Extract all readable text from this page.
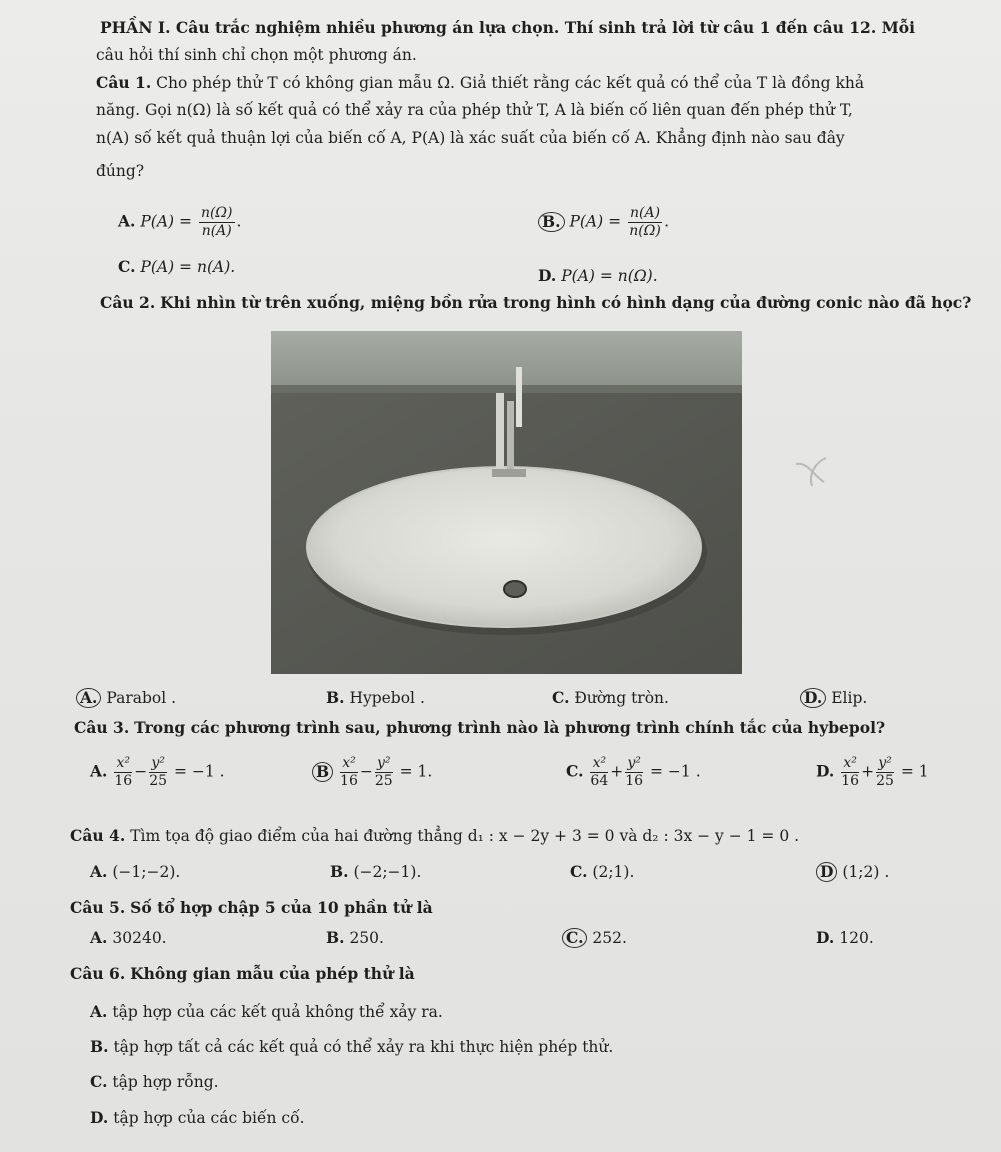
PHẦN I. Câu trắc nghiệm nhiều phương án lựa chọn. Thí sinh trả lời từ câu 1 đến câu 12. Mỗi
câu hỏi thí sinh chỉ chọn một phương án.
Câu 1. Cho phép thử T có không gian mẫu Ω. Giả thiết rằng các kết quả có thể của T là đồng khả
năng. Gọi n(Ω) là số kết quả có thể xảy ra của phép thử T, A là biến cố liên quan đến phép thử T,
n(A) số kết quả thuận lợi của biến cố A, P(A) là xác suất của biến cố A. Khẳng định nào sau đây
đúng?
A. $P(A) = \frac{n(\Omega)}{n(A)}$ .	B. $P(A) = \frac{n(A)}{n(\Omega)}$ .
C. P(A) = n(A).	D. P(A) = n(Ω).
Câu 2. Khi nhìn từ trên xuống, miệng bồn rửa trong hình có hình dạng của đường conic nào đã học?
A. Parabol .	B. Hypebol .	C. Đường tròn.	D. Elip.
Câu 3. Trong các phương trình sau, phương trình nào là phương trình chính tắc của hybepol?
A. $\frac{\text{x²}}{16} - \frac{\text{y²}}{25} = -1$ .	B $\frac{\text{x²}}{16} - \frac{\text{y²}}{25} = 1$.	C. $\frac{\text{x²}}{64} + \frac{\text{y²}}{16} = -1$ .	D. $\frac{\text{x²}}{16} + \frac{\text{y²}}{25} = 1$
Câu 4. Tìm tọa độ giao điểm của hai đường thẳng d₁ : x − 2y + 3 = 0 và d₂ : 3x − y − 1 = 0 .
A. (−1;−2).	B. (−2;−1).	C. (2;1).	D (1;2) .
Câu 5. Số tổ hợp chập 5 của 10 phần tử là
A. 30240.	B. 250.	C. 252.	D. 120.
Câu 6. Không gian mẫu của phép thử là
A. tập hợp của các kết quả không thể xảy ra.
B. tập hợp tất cả các kết quả có thể xảy ra khi thực hiện phép thử.
C. tập hợp rỗng.
D. tập hợp của các biến cố.
